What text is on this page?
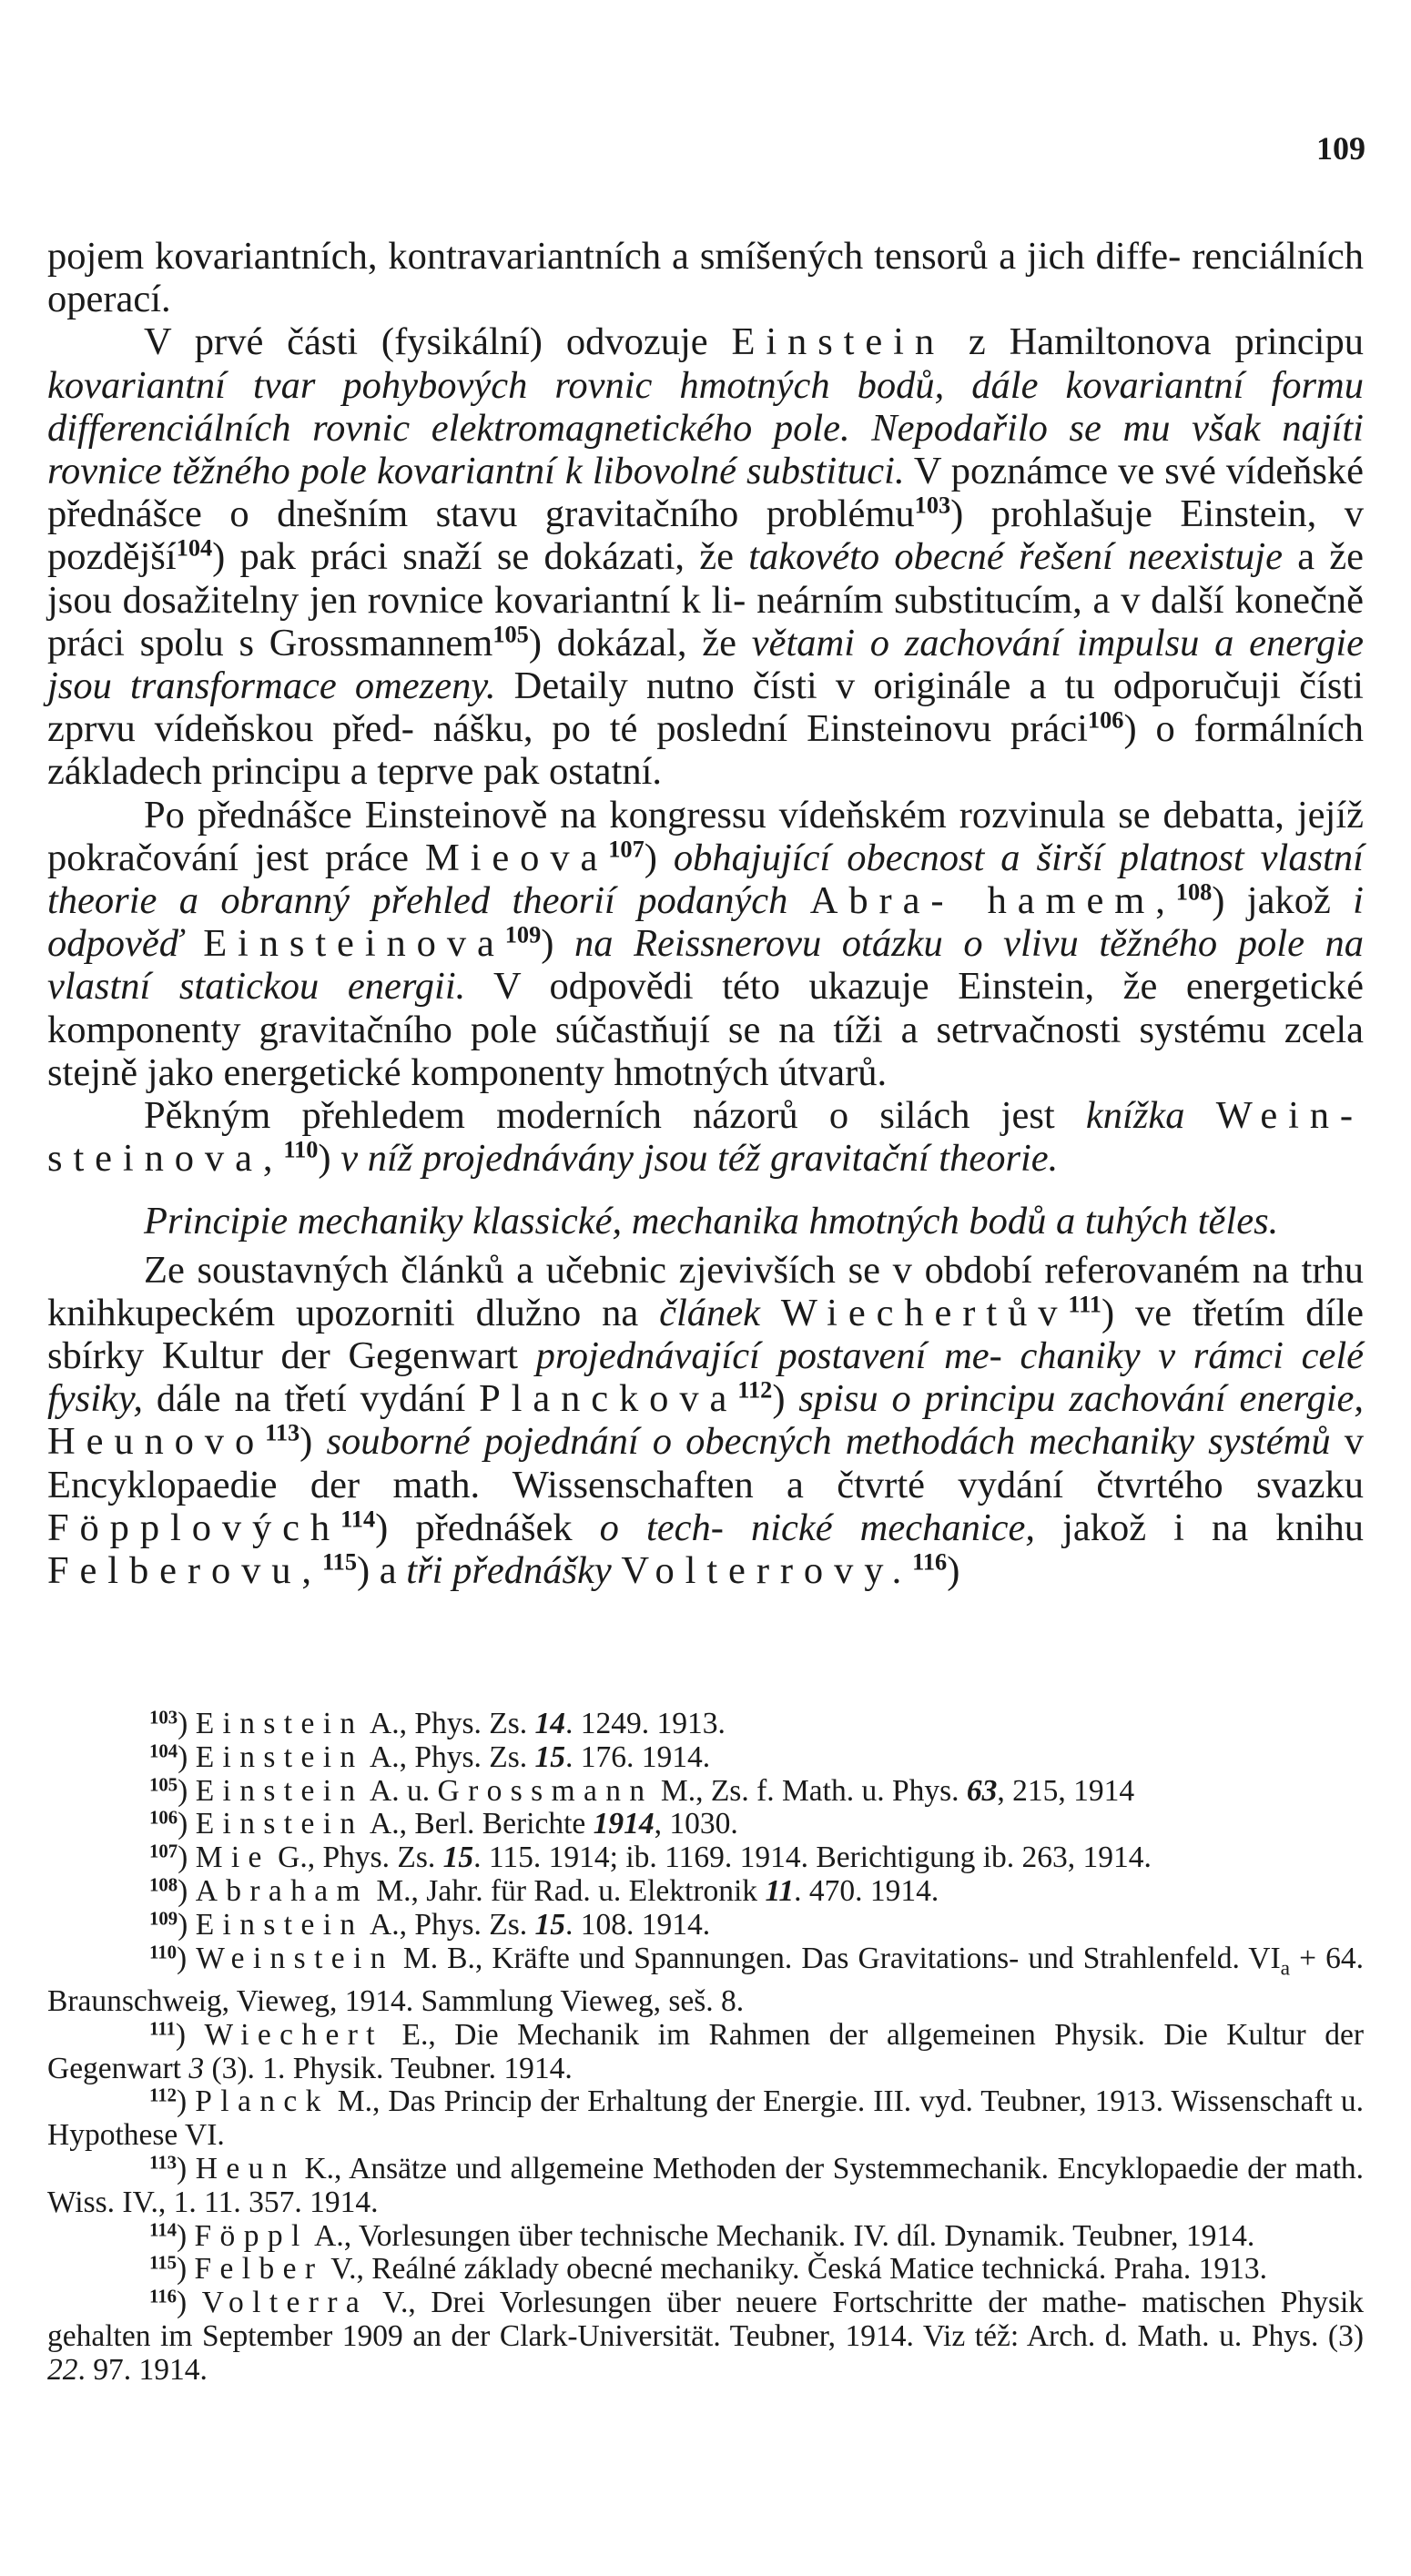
109

pojem kovariantních, kontravariantních a smíšených tensorů a jich diffe- renciálních operací.

V prvé části (fysikální) odvozuje Einstein z Hamiltonova principu kovariantní tvar pohybových rovnic hmotných bodů, dále kovariantní formu differenciálních rovnic elektromagnetického pole. Nepodařilo se mu však najíti rovnice těžného pole kovariantní k libovolné substituci. V poznámce ve své vídeňské přednášce o dnešním stavu gravitačního problému$^{103}$) prohlašuje Einstein, v pozdější$^{104}$) pak práci snaží se dokázati, že takovéto obecné řešení neexistuje a že jsou dosažitelny jen rovnice kovariantní k li- neárním substitucím, a v další konečně práci spolu s Grossmannem$^{105}$) dokázal, že větami o zachování impulsu a energie jsou transformace omezeny. Detaily nutno čísti v originále a tu odporučuji čísti zprvu vídeňskou před- nášku, po té poslední Einsteinovu práci$^{106}$) o formálních základech principu a teprve pak ostatní.

Po přednášce Einsteinově na kongressu vídeňském rozvinula se debatta, jejíž pokračování jest práce Mieova$^{107}$) obhajující obecnost a širší platnost vlastní theorie a obranný přehled theorií podaných Abra- hamem,$^{108}$) jakož i odpověď Einsteinova$^{109}$) na Reissnerovu otázku o vlivu těžného pole na vlastní statickou energii. V odpovědi této ukazuje Einstein, že energetické komponenty gravitačního pole súčastňují se na tíži a setrvačnosti systému zcela stejně jako energetické komponenty hmotných útvarů.

Pěkným přehledem moderních názorů o silách jest knížka Wein- steinova,$^{110}$) v níž projednávány jsou též gravitační theorie.

Principie mechaniky klassické, mechanika hmotných bodů a tuhých těles.

Ze soustavných článků a učebnic zjevivších se v období referovaném na trhu knihkupeckém upozorniti dlužno na článek Wiechertův$^{111}$) ve třetím díle sbírky Kultur der Gegenwart projednávající postavení me- chaniky v rámci celé fysiky, dále na třetí vydání Planckova$^{112}$) spisu o principu zachování energie, Heunovo$^{113}$) souborné pojednání o obecných methodách mechaniky systémů v Encyklopaedie der math. Wissenschaften a čtvrté vydání čtvrtého svazku Föpplových$^{114}$) přednášek o tech- nické mechanice, jakož i na knihu Felberovu,$^{115}$) a tři přednášky Volterrovy.$^{116}$)

$^{103}$) Einstein A., Phys. Zs. 14. 1249. 1913.

$^{104}$) Einstein A., Phys. Zs. 15. 176. 1914.

$^{105}$) Einstein A. u. Grossmann M., Zs. f. Math. u. Phys. 63, 215, 1914

$^{106}$) Einstein A., Berl. Berichte 1914, 1030.

$^{107}$) Mie G., Phys. Zs. 15. 115. 1914; ib. 1169. 1914. Berichtigung ib. 263, 1914.

$^{108}$) Abraham M., Jahr. für Rad. u. Elektronik 11. 470. 1914.

$^{109}$) Einstein A., Phys. Zs. 15. 108. 1914.

$^{110}$) Weinstein M. B., Kräfte und Spannungen. Das Gravitations- und Strahlenfeld. $VI_a + 64$. Braunschweig, Vieweg, 1914. Sammlung Vieweg, seš. 8.

$^{111}$) Wiechert E., Die Mechanik im Rahmen der allgemeinen Physik. Die Kultur der Gegenwart 3 (3). 1. Physik. Teubner. 1914.

$^{112}$) Planck M., Das Princip der Erhaltung der Energie. III. vyd. Teubner, 1913. Wissenschaft u. Hypothese VI.

$^{113}$) Heun K., Ansätze und allgemeine Methoden der Systemmechanik. Encyklopaedie der math. Wiss. IV., 1. 11. 357. 1914.

$^{114}$) Föppl A., Vorlesungen über technische Mechanik. IV. díl. Dynamik. Teubner, 1914.

$^{115}$) Felber V., Reálné základy obecné mechaniky. Česká Matice technická. Praha. 1913.

$^{116}$) Volterra V., Drei Vorlesungen über neuere Fortschritte der mathe- matischen Physik gehalten im September 1909 an der Clark-Universität. Teubner, 1914. Viz též: Arch. d. Math. u. Phys. (3) 22. 97. 1914.
